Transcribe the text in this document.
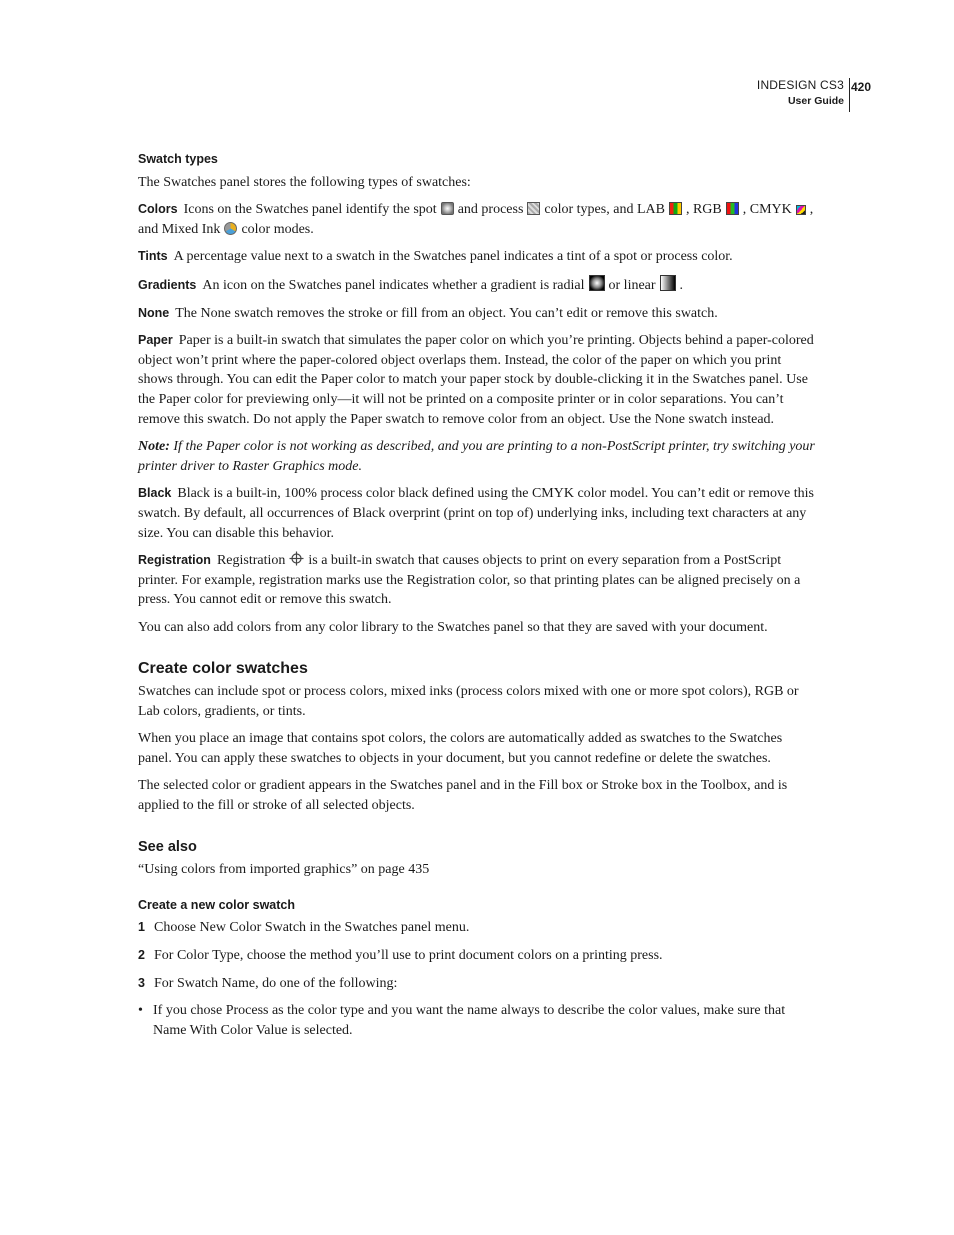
INDESIGN CS3
User Guide
420
Swatch types

The Swatches panel stores the following types of swatches:

Colors Icons on the Swatches panel identify the spot and process color types, and LAB , RGB , CMYK , and Mixed Ink color modes.

Tints A percentage value next to a swatch in the Swatches panel indicates a tint of a spot or process color.

Gradients An icon on the Swatches panel indicates whether a gradient is radial or linear .

None The None swatch removes the stroke or fill from an object. You can’t edit or remove this swatch.

Paper Paper is a built-in swatch that simulates the paper color on which you’re printing. Objects behind a paper-colored object won’t print where the paper-colored object overlaps them. Instead, the color of the paper on which you print shows through. You can edit the Paper color to match your paper stock by double-clicking it in the Swatches panel. Use the Paper color for previewing only—it will not be printed on a composite printer or in color separations. You can’t remove this swatch. Do not apply the Paper swatch to remove color from an object. Use the None swatch instead.

Note: If the Paper color is not working as described, and you are printing to a non-PostScript printer, try switching your printer driver to Raster Graphics mode.

Black Black is a built-in, 100% process color black defined using the CMYK color model. You can’t edit or remove this swatch. By default, all occurrences of Black overprint (print on top of) underlying inks, including text characters at any size. You can disable this behavior.

Registration Registration is a built-in swatch that causes objects to print on every separation from a PostScript printer. For example, registration marks use the Registration color, so that printing plates can be aligned precisely on a press. You cannot edit or remove this swatch.

You can also add colors from any color library to the Swatches panel so that they are saved with your document.

Create color swatches

Swatches can include spot or process colors, mixed inks (process colors mixed with one or more spot colors), RGB or Lab colors, gradients, or tints.

When you place an image that contains spot colors, the colors are automatically added as swatches to the Swatches panel. You can apply these swatches to objects in your document, but you cannot redefine or delete the swatches.

The selected color or gradient appears in the Swatches panel and in the Fill box or Stroke box in the Toolbox, and is applied to the fill or stroke of all selected objects.

See also

“Using colors from imported graphics” on page 435

Create a new color swatch
1 Choose New Color Swatch in the Swatches panel menu.
2 For Color Type, choose the method you’ll use to print document colors on a printing press.
3 For Swatch Name, do one of the following:
• If you chose Process as the color type and you want the name always to describe the color values, make sure that Name With Color Value is selected.
